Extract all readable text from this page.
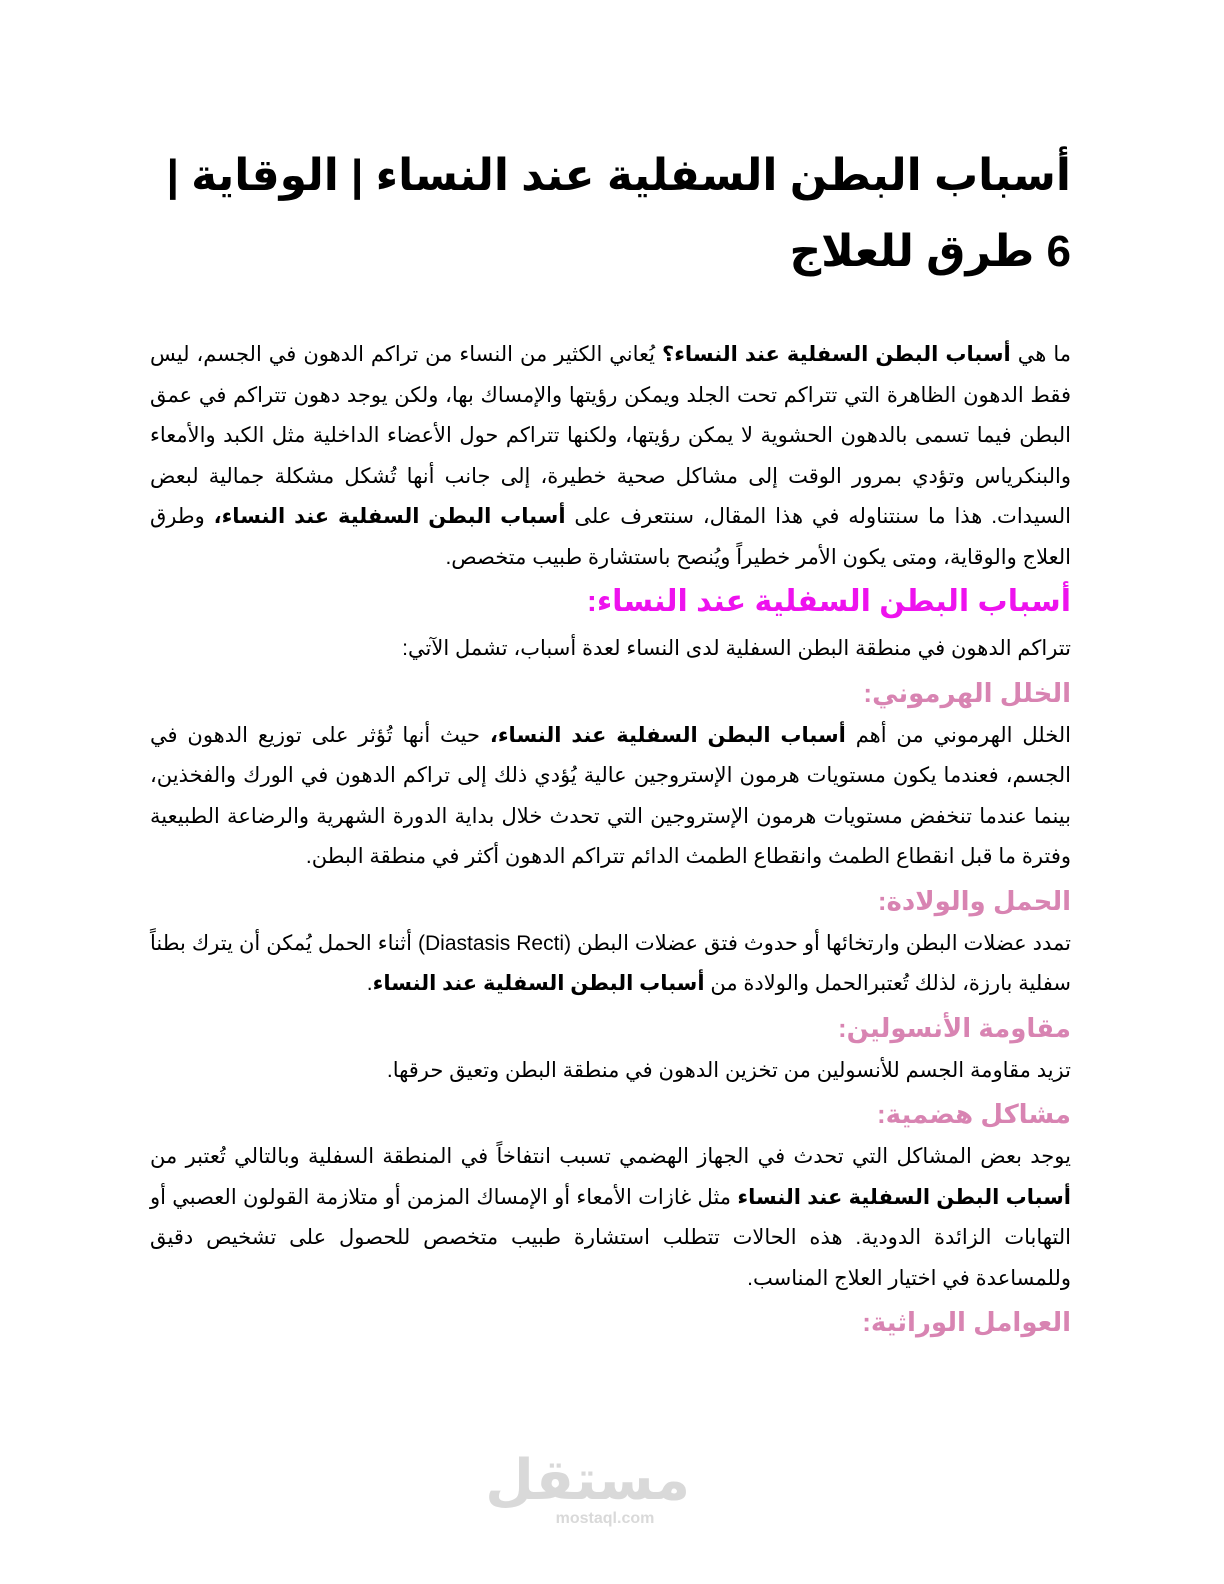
أسباب البطن السفلية عند النساء | الوقاية | 6 طرق للعلاج

ما هي أسباب البطن السفلية عند النساء؟ يُعاني الكثير من النساء من تراكم الدهون في الجسم، ليس فقط الدهون الظاهرة التي تتراكم تحت الجلد ويمكن رؤيتها والإمساك بها، ولكن يوجد دهون تتراكم في عمق البطن فيما تسمى بالدهون الحشوية لا يمكن رؤيتها، ولكنها تتراكم حول الأعضاء الداخلية مثل الكبد والأمعاء والبنكرياس وتؤدي بمرور الوقت إلى مشاكل صحية خطيرة، إلى جانب أنها تُشكل مشكلة جمالية لبعض السيدات. هذا ما سنتناوله في هذا المقال، سنتعرف على أسباب البطن السفلية عند النساء، وطرق العلاج والوقاية، ومتى يكون الأمر خطيراً ويُنصح باستشارة طبيب متخصص.

أسباب البطن السفلية عند النساء:

تتراكم الدهون في منطقة البطن السفلية لدى النساء لعدة أسباب، تشمل الآتي:

الخلل الهرموني:

الخلل الهرموني من أهم أسباب البطن السفلية عند النساء، حيث أنها تُؤثر على توزيع الدهون في الجسم، فعندما يكون مستويات هرمون الإستروجين عالية يُؤدي ذلك إلى تراكم الدهون في الورك والفخذين، بينما عندما تنخفض مستويات هرمون الإستروجين التي تحدث خلال بداية الدورة الشهرية والرضاعة الطبيعية وفترة ما قبل انقطاع الطمث وانقطاع الطمث الدائم تتراكم الدهون أكثر في منطقة البطن.

الحمل والولادة:

تمدد عضلات البطن وارتخائها أو حدوث فتق عضلات البطن (Diastasis Recti) أثناء الحمل يُمكن أن يترك بطناً سفلية بارزة، لذلك تُعتبرالحمل والولادة من أسباب البطن السفلية عند النساء.

مقاومة الأنسولين:

تزيد مقاومة الجسم للأنسولين من تخزين الدهون في منطقة البطن وتعيق حرقها.

مشاكل هضمية:

يوجد بعض المشاكل التي تحدث في الجهاز الهضمي تسبب انتفاخاً في المنطقة السفلية وبالتالي تُعتبر من أسباب البطن السفلية عند النساء مثل غازات الأمعاء أو الإمساك المزمن أو متلازمة القولون العصبي أو التهابات الزائدة الدودية. هذه الحالات تتطلب استشارة طبيب متخصص للحصول على تشخيص دقيق وللمساعدة في اختيار العلاج المناسب.

العوامل الوراثية:
مستقل
mostaql.com
